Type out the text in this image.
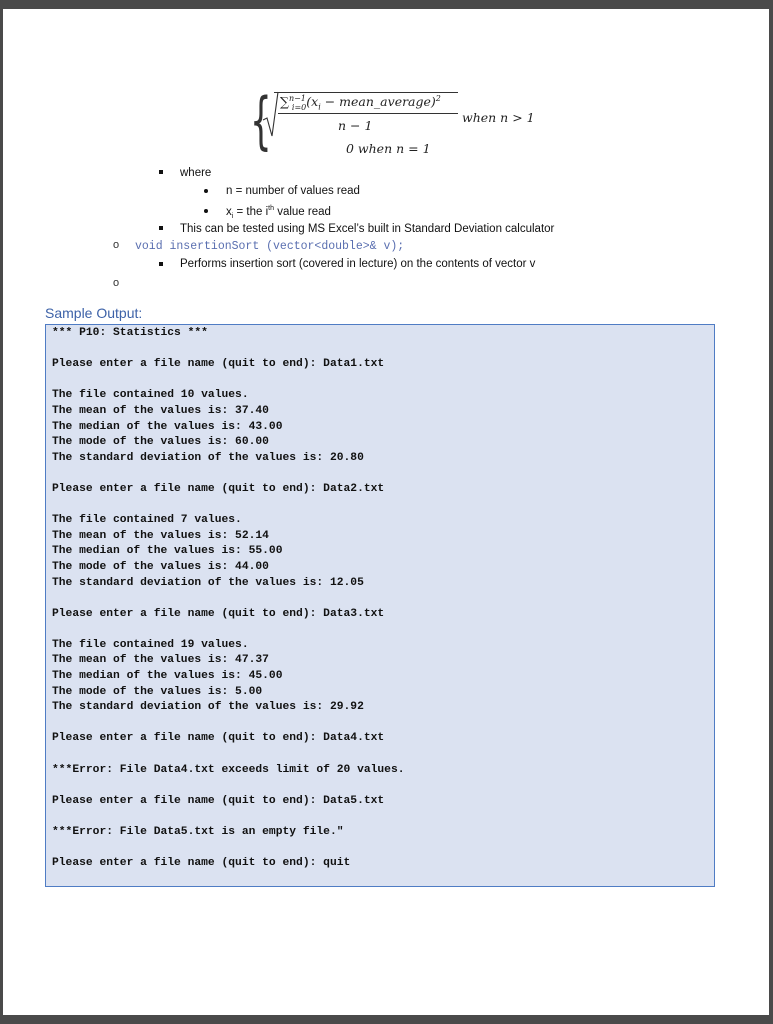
{ $\sum^{n-1}_{i=0}(x_i$ − mean_average)$^2$
n − 1
when n > 1
0 when n = 1
where
n = number of values read
$x_i$ = the $i^{th}$ value read
This can be tested using MS Excel’s built in Standard Deviation calculator
o void insertionSort (vector<double>& v);
Performs insertion sort (covered in lecture) on the contents of vector v
o
Sample Output:
*** P10: Statistics ***

Please enter a file name (quit to end): Data1.txt

The file contained 10 values.
The mean of the values is: 37.40
The median of the values is: 43.00
The mode of the values is: 60.00
The standard deviation of the values is: 20.80

Please enter a file name (quit to end): Data2.txt

The file contained 7 values.
The mean of the values is: 52.14
The median of the values is: 55.00
The mode of the values is: 44.00
The standard deviation of the values is: 12.05

Please enter a file name (quit to end): Data3.txt

The file contained 19 values.
The mean of the values is: 47.37
The median of the values is: 45.00
The mode of the values is: 5.00
The standard deviation of the values is: 29.92

Please enter a file name (quit to end): Data4.txt

***Error: File Data4.txt exceeds limit of 20 values.

Please enter a file name (quit to end): Data5.txt

***Error: File Data5.txt is an empty file."

Please enter a file name (quit to end): quit
